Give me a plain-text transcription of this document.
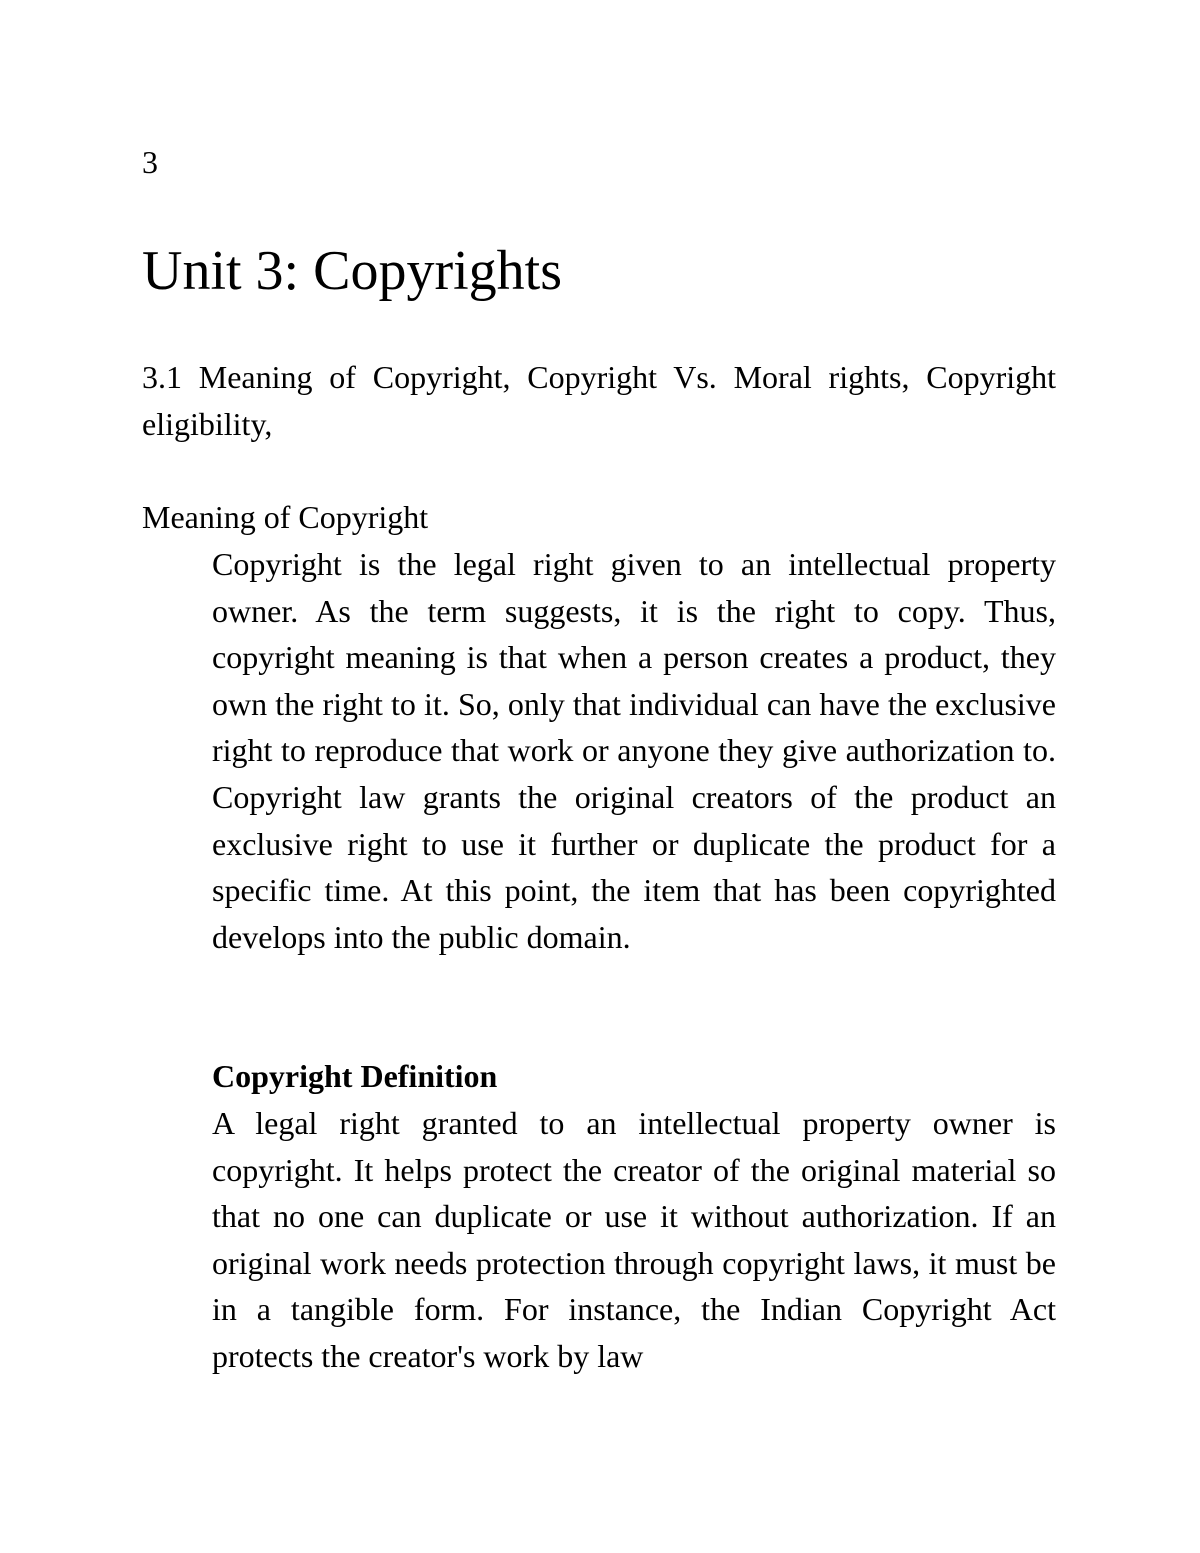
3
Unit 3: Copyrights

3.1 Meaning of Copyright, Copyright Vs. Moral rights, Copyright eligibility,

Meaning of Copyright

Copyright is the legal right given to an intellectual property owner. As the term suggests, it is the right to copy. Thus, copyright meaning is that when a person creates a product, they own the right to it. So, only that individual can have the exclusive right to reproduce that work or anyone they give authorization to. Copyright law grants the original creators of the product an exclusive right to use it further or duplicate the product for a specific time. At this point, the item that has been copyrighted develops into the public domain.

Copyright Definition

A legal right granted to an intellectual property owner is copyright. It helps protect the creator of the original material so that no one can duplicate or use it without authorization. If an original work needs protection through copyright laws, it must be in a tangible form. For instance, the Indian Copyright Act protects the creator's work by law
